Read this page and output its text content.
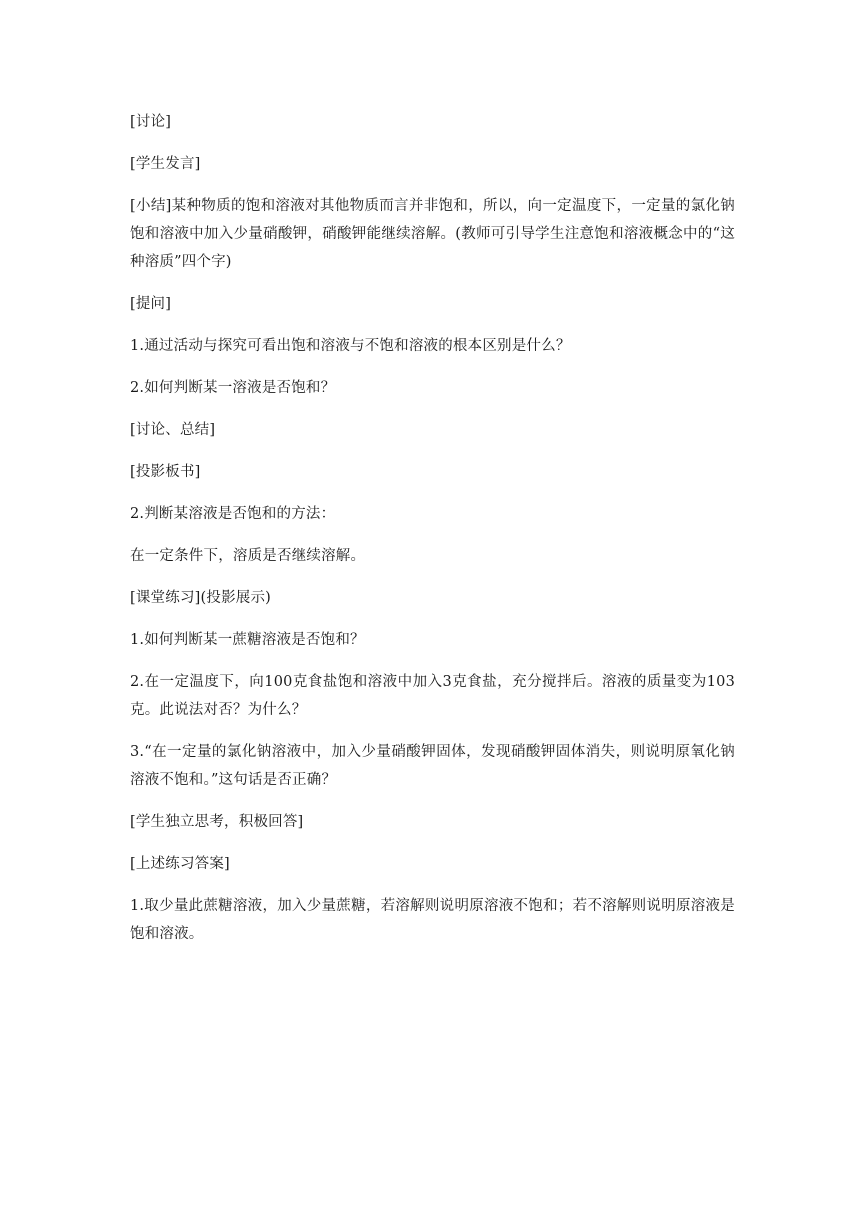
[讨论]

[学生发言]

[小结]某种物质的饱和溶液对其他物质而言并非饱和，所以，向一定温度下，一定量的氯化钠饱和溶液中加入少量硝酸钾，硝酸钾能继续溶解。(教师可引导学生注意饱和溶液概念中的“这种溶质”四个字)

[提问]

1.通过活动与探究可看出饱和溶液与不饱和溶液的根本区别是什么？

2.如何判断某一溶液是否饱和？

[讨论、总结]

[投影板书]

2.判断某溶液是否饱和的方法：

在一定条件下，溶质是否继续溶解。

[课堂练习](投影展示)

1.如何判断某一蔗糖溶液是否饱和？

2.在一定温度下，向100克食盐饱和溶液中加入3克食盐，充分搅拌后。溶液的质量变为103克。此说法对否？为什么？

3.“在一定量的氯化钠溶液中，加入少量硝酸钾固体，发现硝酸钾固体消失，则说明原氧化钠溶液不饱和。”这句话是否正确？

[学生独立思考，积极回答]

[上述练习答案]

1.取少量此蔗糖溶液，加入少量蔗糖，若溶解则说明原溶液不饱和；若不溶解则说明原溶液是饱和溶液。
